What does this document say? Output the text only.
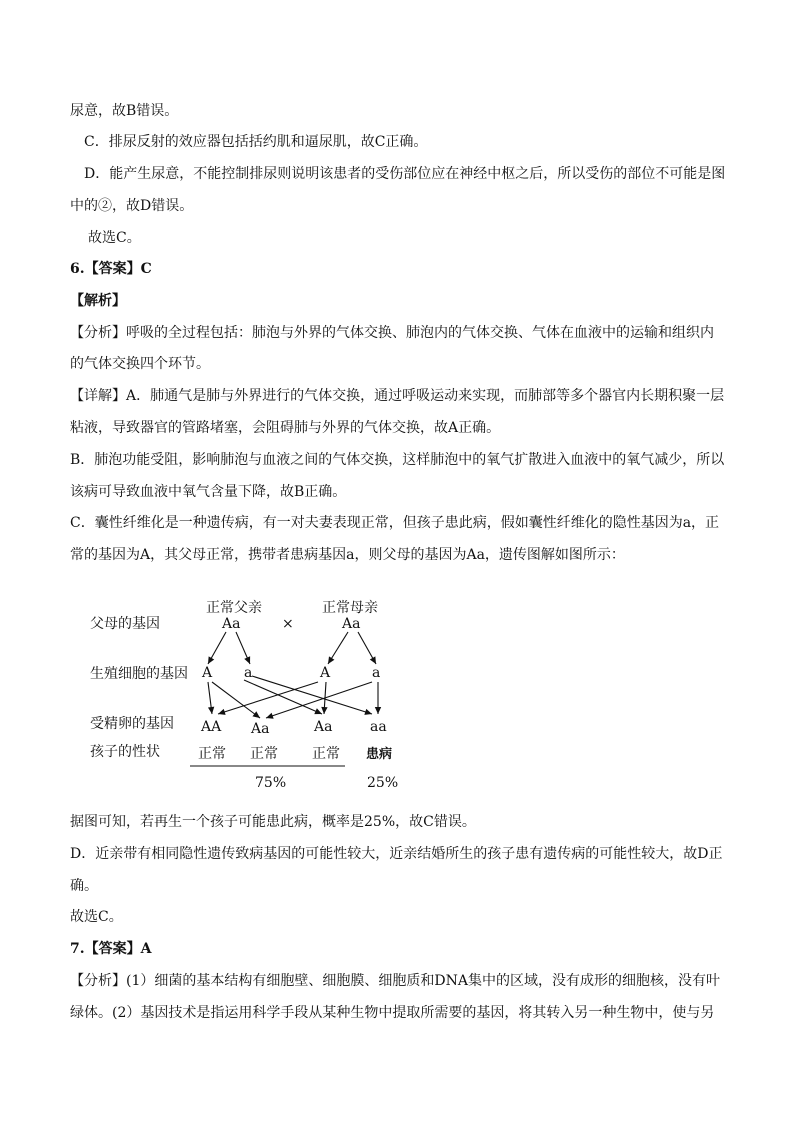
尿意，故B错误。
C．排尿反射的效应器包括括约肌和逼尿肌，故C正确。
D．能产生尿意，不能控制排尿则说明该患者的受伤部位应在神经中枢之后，所以受伤的部位不可能是图
中的②，故D错误。
故选C。
6.【答案】C
【解析】
【分析】呼吸的全过程包括：肺泡与外界的气体交换、肺泡内的气体交换、气体在血液中的运输和组织内
的气体交换四个环节。
【详解】A．肺通气是肺与外界进行的气体交换，通过呼吸运动来实现，而肺部等多个器官内长期积聚一层
粘液，导致器官的管路堵塞，会阻碍肺与外界的气体交换，故A正确。
B．肺泡功能受阻，影响肺泡与血液之间的气体交换，这样肺泡中的氧气扩散进入血液中的氧气减少，所以
该病可导致血液中氧气含量下降，故B正确。
C．囊性纤维化是一种遗传病，有一对夫妻表现正常，但孩子患此病，假如囊性纤维化的隐性基因为a，正
常的基因为A，其父母正常，携带者患病基因a，则父母的基因为Aa，遗传图解如图所示：
父母的基因
生殖细胞的基因
受精卵的基因
孩子的性状
正常父亲	正常母亲
Aa	Aa
×
A a	A	a
AA Aa	Aa	aa
正常 正常 正常 患病
75%	25%
据图可知，若再生一个孩子可能患此病，概率是25%，故C错误。
D．近亲带有相同隐性遗传致病基因的可能性较大，近亲结婚所生的孩子患有遗传病的可能性较大，故D正
确。
故选C。
7.【答案】A
【分析】(1）细菌的基本结构有细胞壁、细胞膜、细胞质和DNA集中的区域，没有成形的细胞核，没有叶
绿体。(2）基因技术是指运用科学手段从某种生物中提取所需要的基因，将其转入另一种生物中，使与另
